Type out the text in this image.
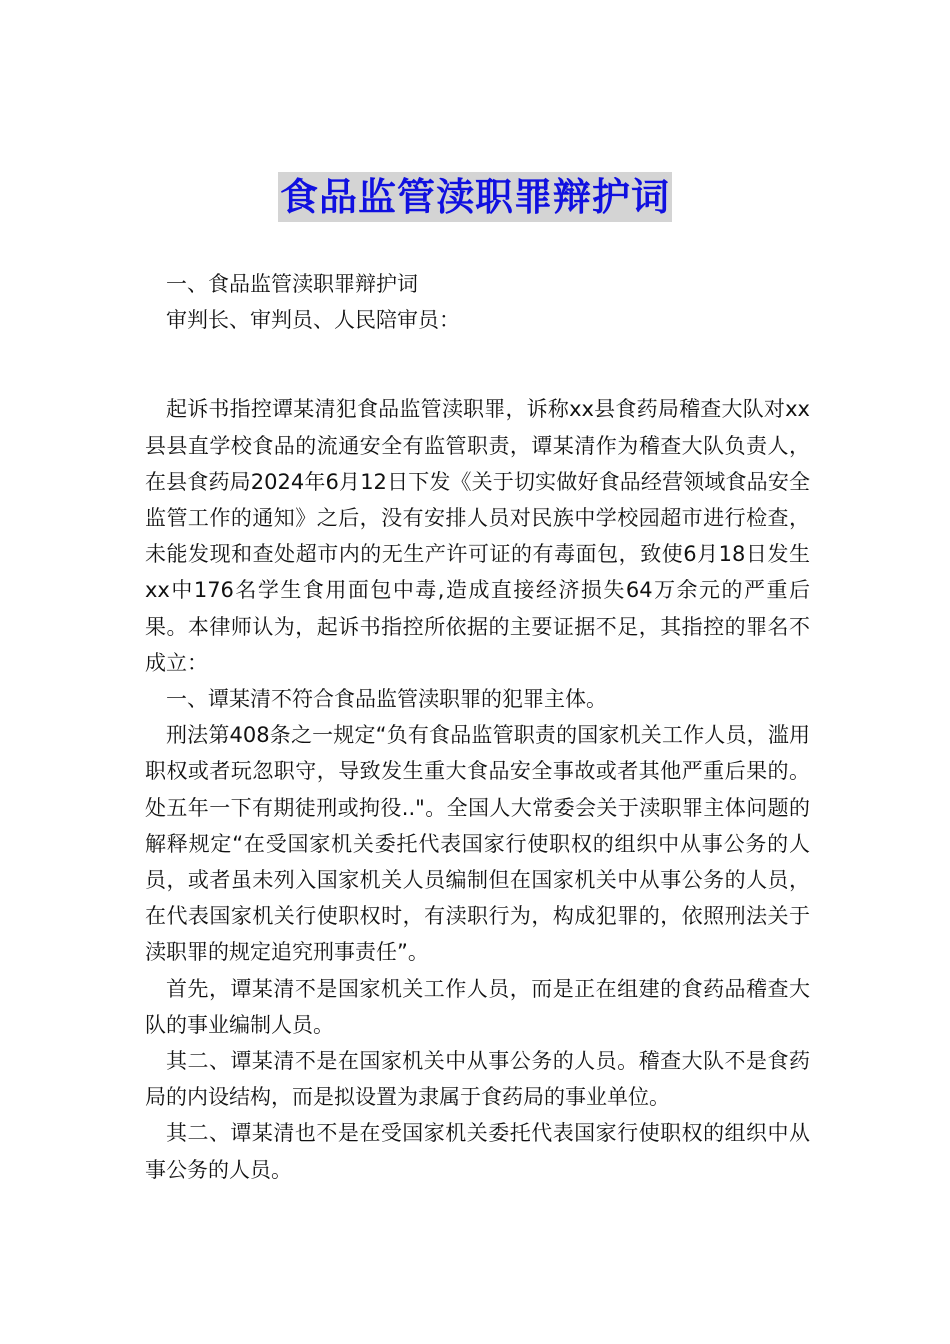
食品监管渎职罪辩护词

一、食品监管渎职罪辩护词

审判长、审判员、人民陪审员：

起诉书指控谭某清犯食品监管渎职罪，诉称xx县食药局稽查大队对xx县县直学校食品的流通安全有监管职责，谭某清作为稽查大队负责人，在县食药局2024年6月12日下发《关于切实做好食品经营领域食品安全监管工作的通知》之后，没有安排人员对民族中学校园超市进行检查，未能发现和查处超市内的无生产许可证的有毒面包，致使6月18日发生xx中176名学生食用面包中毒,造成直接经济损失64万余元的严重后果。本律师认为，起诉书指控所依据的主要证据不足，其指控的罪名不成立：

一、谭某清不符合食品监管渎职罪的犯罪主体。

刑法第408条之一规定“负有食品监管职责的国家机关工作人员，滥用职权或者玩忽职守，导致发生重大食品安全事故或者其他严重后果的。处五年一下有期徒刑或拘役.."。全国人大常委会关于渎职罪主体问题的解释规定“在受国家机关委托代表国家行使职权的组织中从事公务的人员，或者虽未列入国家机关人员编制但在国家机关中从事公务的人员，在代表国家机关行使职权时，有渎职行为，构成犯罪的，依照刑法关于渎职罪的规定追究刑事责任”。

首先，谭某清不是国家机关工作人员，而是正在组建的食药品稽查大队的事业编制人员。

其二、谭某清不是在国家机关中从事公务的人员。稽查大队不是食药局的内设结构，而是拟设置为隶属于食药局的事业单位。

其二、谭某清也不是在受国家机关委托代表国家行使职权的组织中从事公务的人员。
